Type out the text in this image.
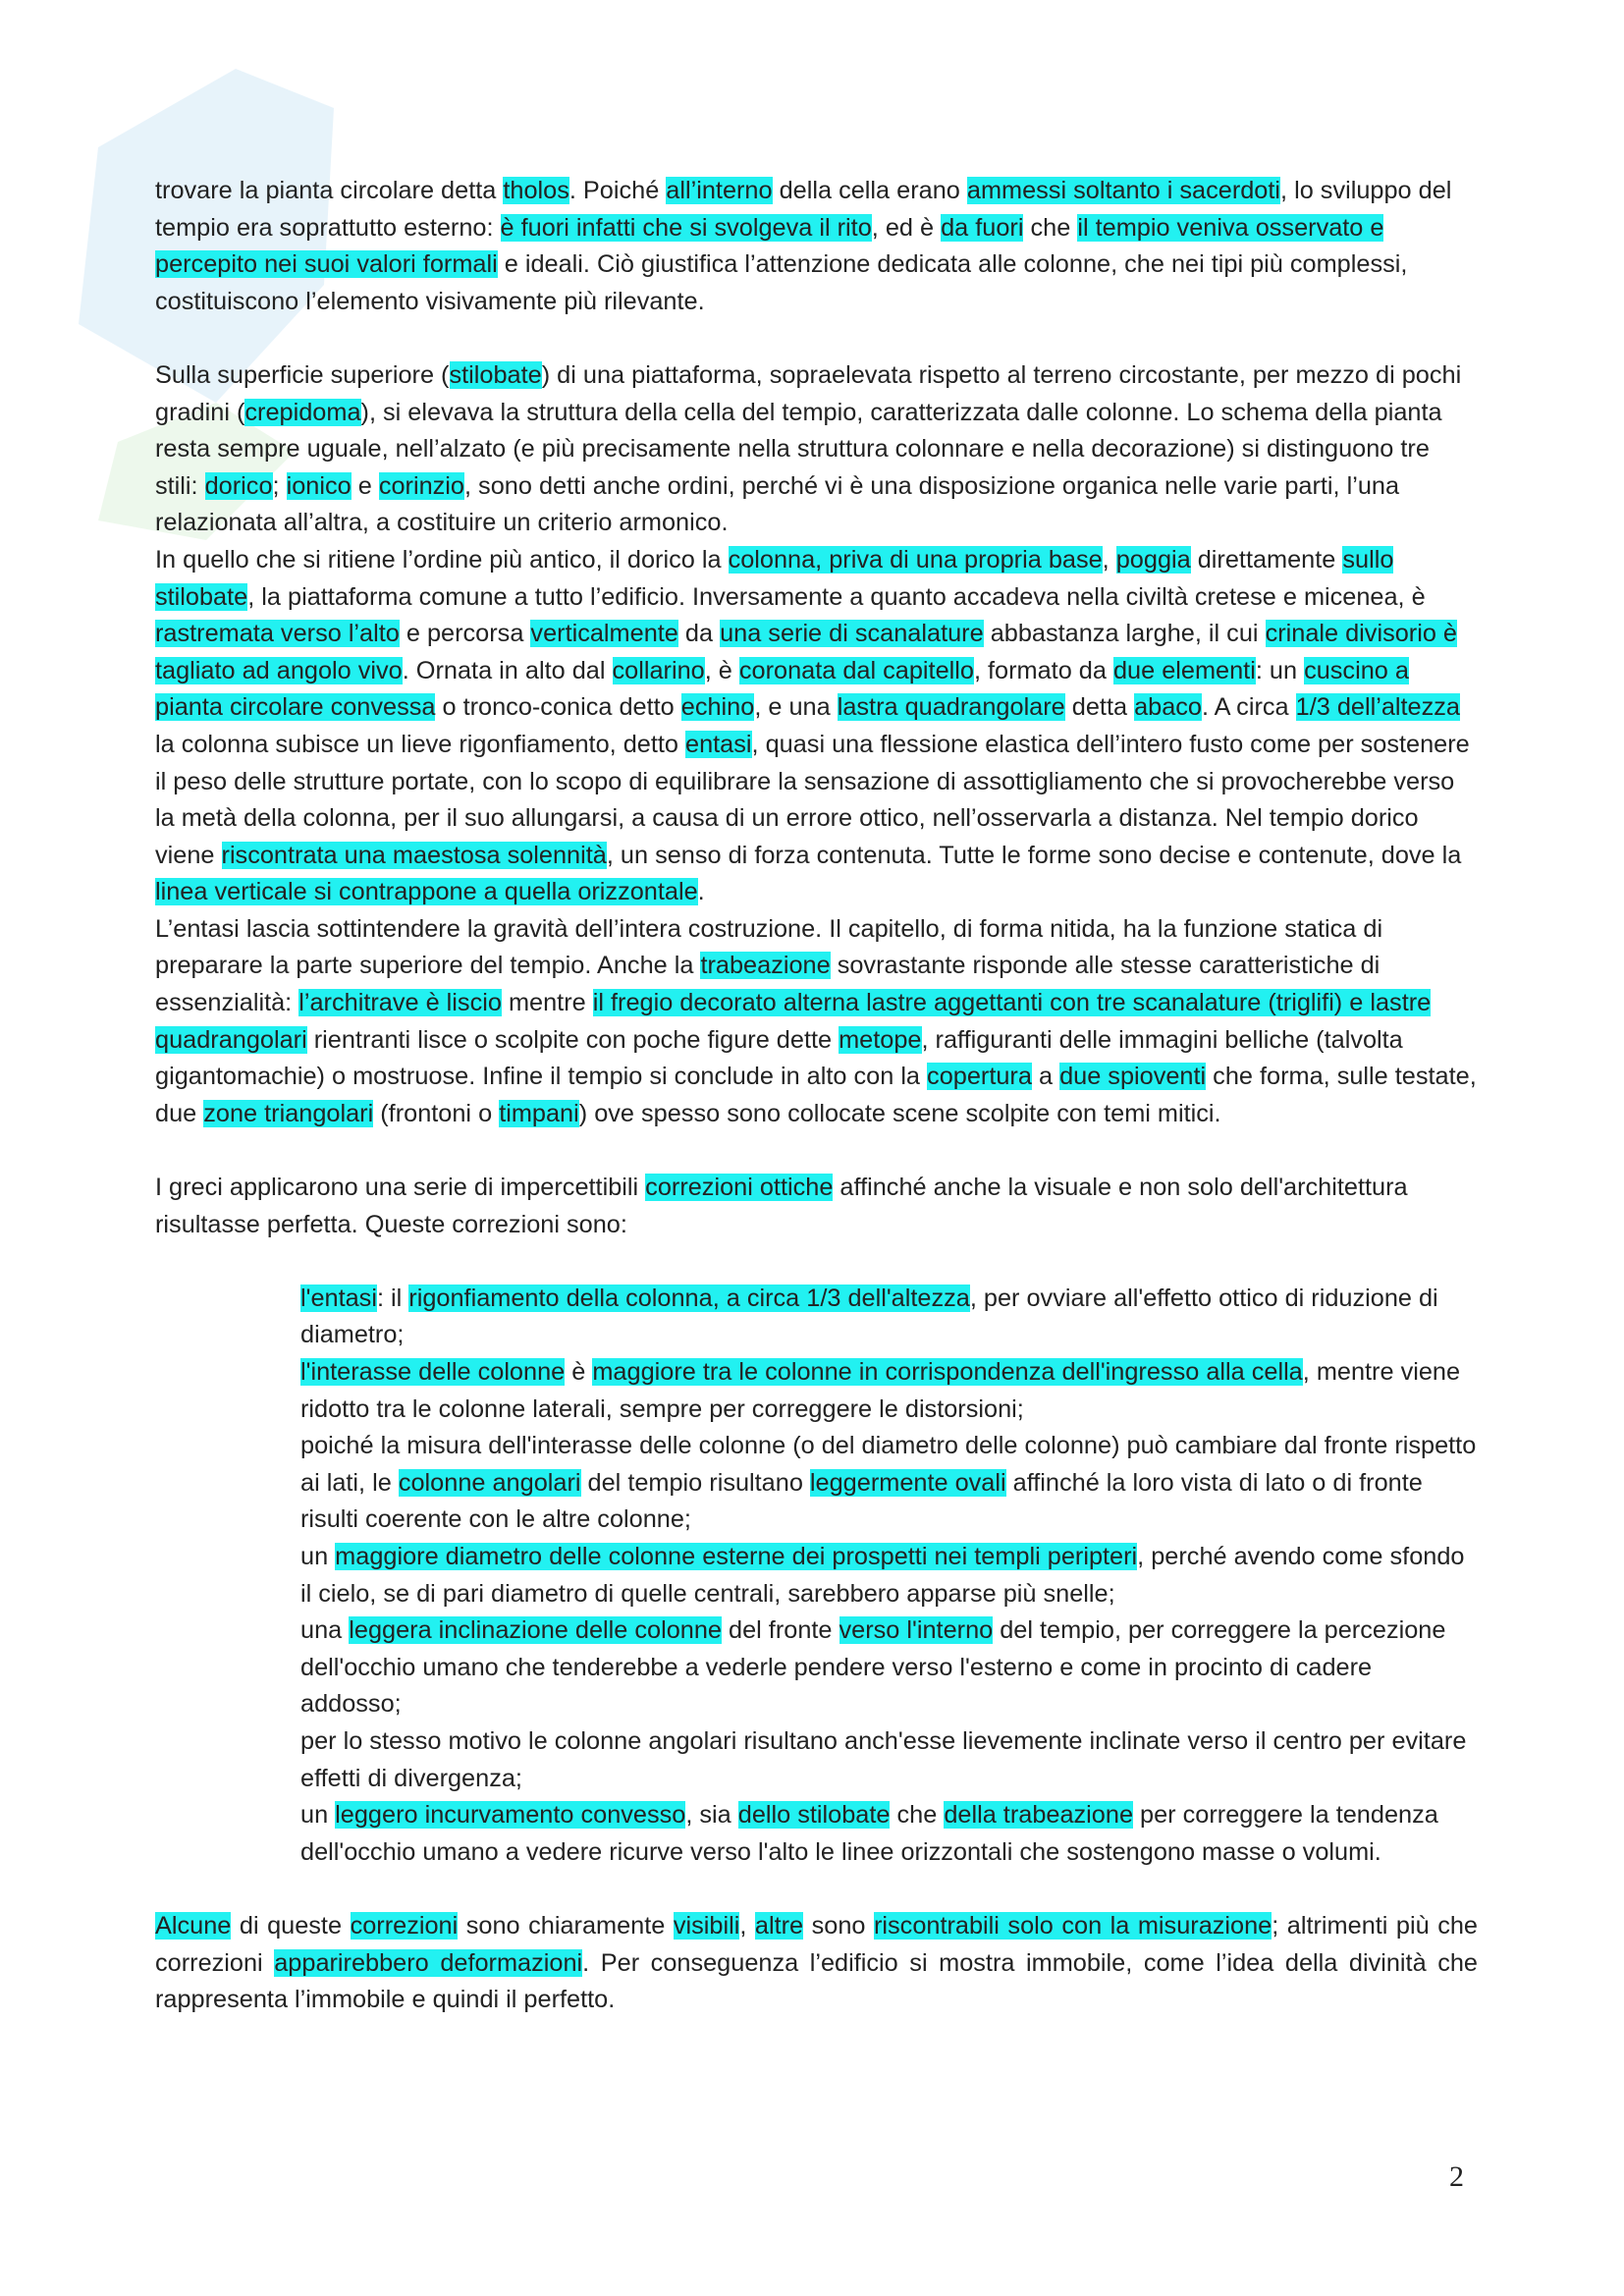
trovare la pianta circolare detta tholos. Poiché all’interno della cella erano ammessi soltanto i sacerdoti, lo sviluppo del tempio era soprattutto esterno: è fuori infatti che si svolgeva il rito, ed è da fuori che il tempio veniva osservato e percepito nei suoi valori formali e ideali. Ciò giustifica l’attenzione dedicata alle colonne, che nei tipi più complessi, costituiscono l’elemento visivamente più rilevante.

Sulla superficie superiore (stilobate) di una piattaforma, sopraelevata rispetto al terreno circostante, per mezzo di pochi gradini (crepidoma), si elevava la struttura della cella del tempio, caratterizzata dalle colonne. Lo schema della pianta resta sempre uguale, nell’alzato (e più precisamente nella struttura colonnare e nella decorazione) si distinguono tre stili: dorico; ionico e corinzio, sono detti anche ordini, perché vi è una disposizione organica nelle varie parti, l’una relazionata all’altra, a costituire un criterio armonico.

In quello che si ritiene l’ordine più antico, il dorico la colonna, priva di una propria base, poggia direttamente sullo stilobate, la piattaforma comune a tutto l’edificio. Inversamente a quanto accadeva nella civiltà cretese e micenea, è rastremata verso l’alto e percorsa verticalmente da una serie di scanalature abbastanza larghe, il cui crinale divisorio è tagliato ad angolo vivo. Ornata in alto dal collarino, è coronata dal capitello, formato da due elementi: un cuscino a pianta circolare convessa o tronco-conica detto echino, e una lastra quadrangolare detta abaco. A circa 1/3 dell’altezza la colonna subisce un lieve rigonfiamento, detto entasi, quasi una flessione elastica dell’intero fusto come per sostenere il peso delle strutture portate, con lo scopo di equilibrare la sensazione di assottigliamento che si provocherebbe verso la metà della colonna, per il suo allungarsi, a causa di un errore ottico, nell’osservarla a distanza. Nel tempio dorico viene riscontrata una maestosa solennità, un senso di forza contenuta. Tutte le forme sono decise e contenute, dove la linea verticale si contrappone a quella orizzontale.

L’entasi lascia sottintendere la gravità dell’intera costruzione. Il capitello, di forma nitida, ha la funzione statica di preparare la parte superiore del tempio. Anche la trabeazione sovrastante risponde alle stesse caratteristiche di essenzialità: l’architrave è liscio mentre il fregio decorato alterna lastre aggettanti con tre scanalature (triglifi) e lastre quadrangolari rientranti lisce o scolpite con poche figure dette metope, raffiguranti delle immagini belliche (talvolta gigantomachie) o mostruose. Infine il tempio si conclude in alto con la copertura a due spioventi che forma, sulle testate, due zone triangolari (frontoni o timpani) ove spesso sono collocate scene scolpite con temi mitici.

I greci applicarono una serie di impercettibili correzioni ottiche affinché anche la visuale e non solo dell'architettura risultasse perfetta. Queste correzioni sono:

l'entasi: il rigonfiamento della colonna, a circa 1/3 dell'altezza, per ovviare all'effetto ottico di riduzione di diametro;

l'interasse delle colonne è maggiore tra le colonne in corrispondenza dell'ingresso alla cella, mentre viene ridotto tra le colonne laterali, sempre per correggere le distorsioni;

poiché la misura dell'interasse delle colonne (o del diametro delle colonne) può cambiare dal fronte rispetto ai lati, le colonne angolari del tempio risultano leggermente ovali affinché la loro vista di lato o di fronte risulti coerente con le altre colonne;

un maggiore diametro delle colonne esterne dei prospetti nei templi peripteri, perché avendo come sfondo il cielo, se di pari diametro di quelle centrali, sarebbero apparse più snelle;

una leggera inclinazione delle colonne del fronte verso l'interno del tempio, per correggere la percezione dell'occhio umano che tenderebbe a vederle pendere verso l'esterno e come in procinto di cadere addosso;

per lo stesso motivo le colonne angolari risultano anch'esse lievemente inclinate verso il centro per evitare effetti di divergenza;

un leggero incurvamento convesso, sia dello stilobate che della trabeazione per correggere la tendenza dell'occhio umano a vedere ricurve verso l'alto le linee orizzontali che sostengono masse o volumi.

Alcune di queste correzioni sono chiaramente visibili, altre sono riscontrabili solo con la misurazione; altrimenti più che correzioni apparirebbero deformazioni. Per conseguenza l’edificio si mostra immobile, come l’idea della divinità che rappresenta l’immobile e quindi il perfetto.

2
